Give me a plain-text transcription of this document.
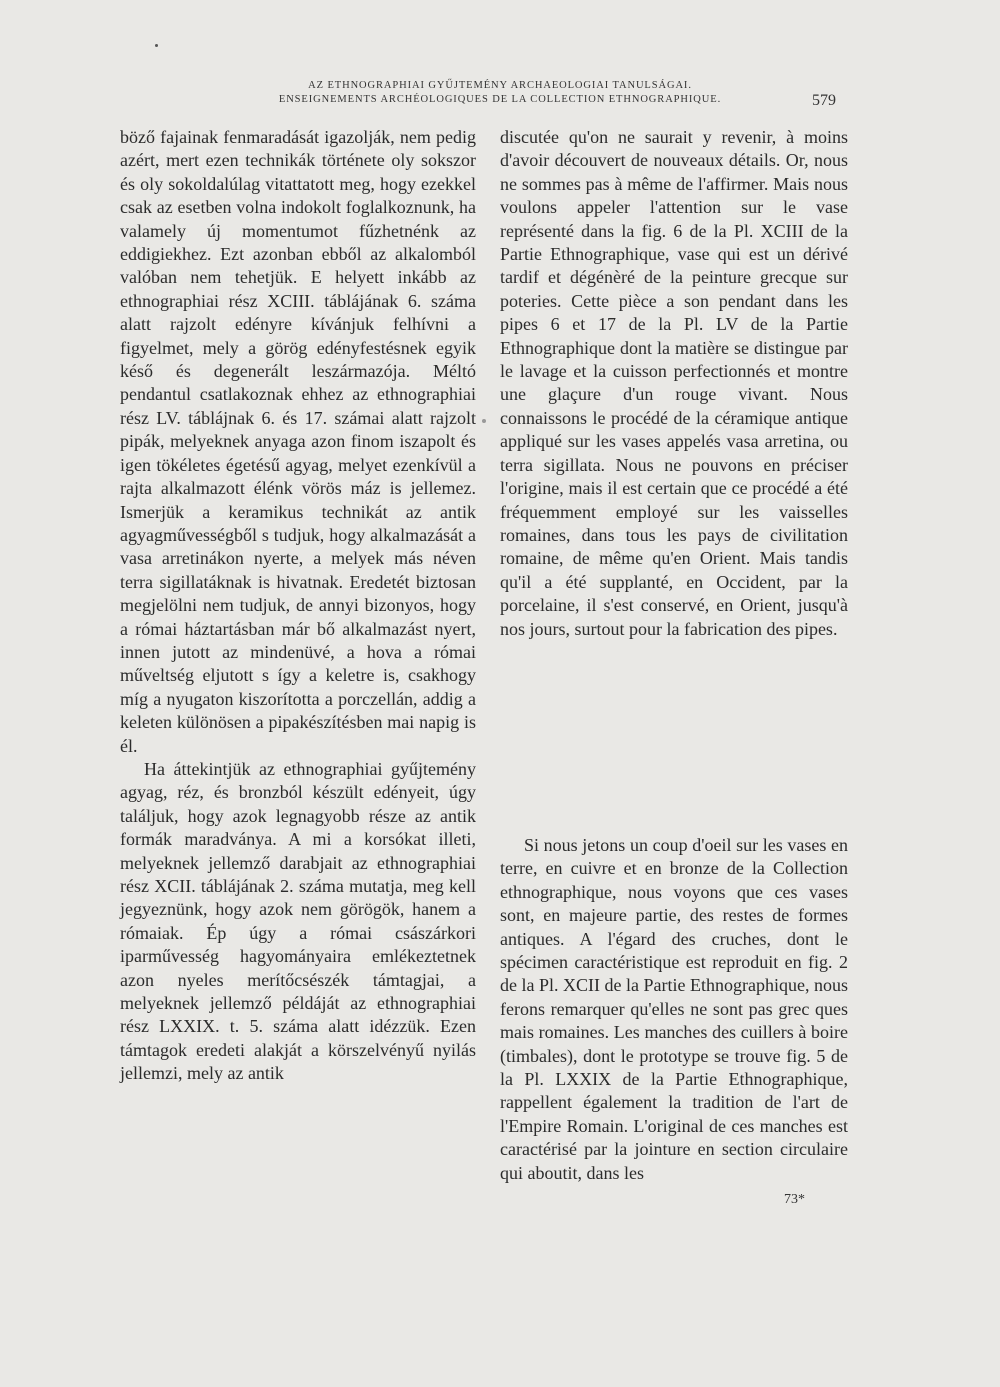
AZ ETHNOGRAPHIAI GYŰJTEMÉNY ARCHAEOLOGIAI TANULSÁGAI.
ENSEIGNEMENTS ARCHÉOLOGIQUES DE LA COLLECTION ETHNOGRAPHIQUE.	579

böző fajainak fenmaradását igazolják, nem pedig azért, mert ezen technikák története oly sokszor és oly sokoldalúlag vitattatott meg, hogy ezekkel csak az esetben volna indokolt foglalkoznunk, ha valamely új momentumot fűzhetnénk az eddigiekhez. Ezt azonban ebből az alkalomból valóban nem tehetjük. E helyett inkább az ethnographiai rész XCIII. táblájának 6. száma alatt rajzolt edényre kívánjuk felhívni a figyelmet, mely a görög edényfestésnek egyik késő és degenerált leszármazója. Méltó pendantul csatlakoznak ehhez az ethnographiai rész LV. táblájnak 6. és 17. számai alatt rajzolt pipák, melyeknek anyaga azon finom iszapolt és igen tökéletes égetésű agyag, melyet ezenkívül a rajta alkalmazott élénk vörös máz is jellemez. Ismerjük a keramikus technikát az antik agyagművességből s tudjuk, hogy alkalmazását a vasa arretinákon nyerte, a melyek más néven terra sigillatáknak is hivatnak. Eredetét biztosan megjelölni nem tudjuk, de annyi bizonyos, hogy a római háztartásban már bő alkalmazást nyert, innen jutott az mindenüvé, a hova a római műveltség eljutott s így a keletre is, csakhogy míg a nyugaton kiszorította a porczellán, addig a keleten különösen a pipakészítésben mai napig is él.

Ha áttekintjük az ethnographiai gyűjtemény agyag, réz, és bronzból készült edényeit, úgy találjuk, hogy azok legnagyobb része az antik formák maradványa. A mi a korsókat illeti, melyeknek jellemző darabjait az ethnographiai rész XCII. táblájának 2. száma mutatja, meg kell jegyeznünk, hogy azok nem görögök, hanem a rómaiak. Ép úgy a római császárkori iparművesség hagyományaira emlékeztetnek azon nyeles merítőcsészék támtagjai, a melyeknek jellemző példáját az ethnographiai rész LXXIX. t. 5. száma alatt idézzük. Ezen támtagok eredeti alakját a körszelvényű nyilás jellemzi, mely az antik

discutée qu'on ne saurait y revenir, à moins d'avoir découvert de nouveaux détails. Or, nous ne sommes pas à même de l'affirmer. Mais nous voulons appeler l'attention sur le vase représenté dans la fig. 6 de la Pl. XCIII de la Partie Ethnographique, vase qui est un dérivé tardif et dégénèré de la peinture grecque sur poteries. Cette pièce a son pendant dans les pipes 6 et 17 de la Pl. LV de la Partie Ethnographique dont la matière se distingue par le lavage et la cuisson perfectionnés et montre une glaçure d'un rouge vivant. Nous connaissons le procédé de la céramique antique appliqué sur les vases appelés vasa arretina, ou terra sigillata. Nous ne pouvons en préciser l'origine, mais il est certain que ce procédé a été fréquemment employé sur les vaisselles romaines, dans tous les pays de civilitation romaine, de même qu'en Orient. Mais tandis qu'il a été supplanté, en Occident, par la porcelaine, il s'est conservé, en Orient, jusqu'à nos jours, surtout pour la fabrication des pipes.

Si nous jetons un coup d'oeil sur les vases en terre, en cuivre et en bronze de la Collection ethnographique, nous voyons que ces vases sont, en majeure partie, des restes de formes antiques. A l'égard des cruches, dont le spécimen caractéristique est reproduit en fig. 2 de la Pl. XCII de la Partie Ethnographique, nous ferons remarquer qu'elles ne sont pas grec ques mais romaines. Les manches des cuillers à boire (timbales), dont le prototype se trouve fig. 5 de la Pl. LXXIX de la Partie Ethnographique, rappellent également la tradition de l'art de l'Empire Romain. L'original de ces manches est caractérisé par la jointure en section circulaire qui aboutit, dans les

73*
